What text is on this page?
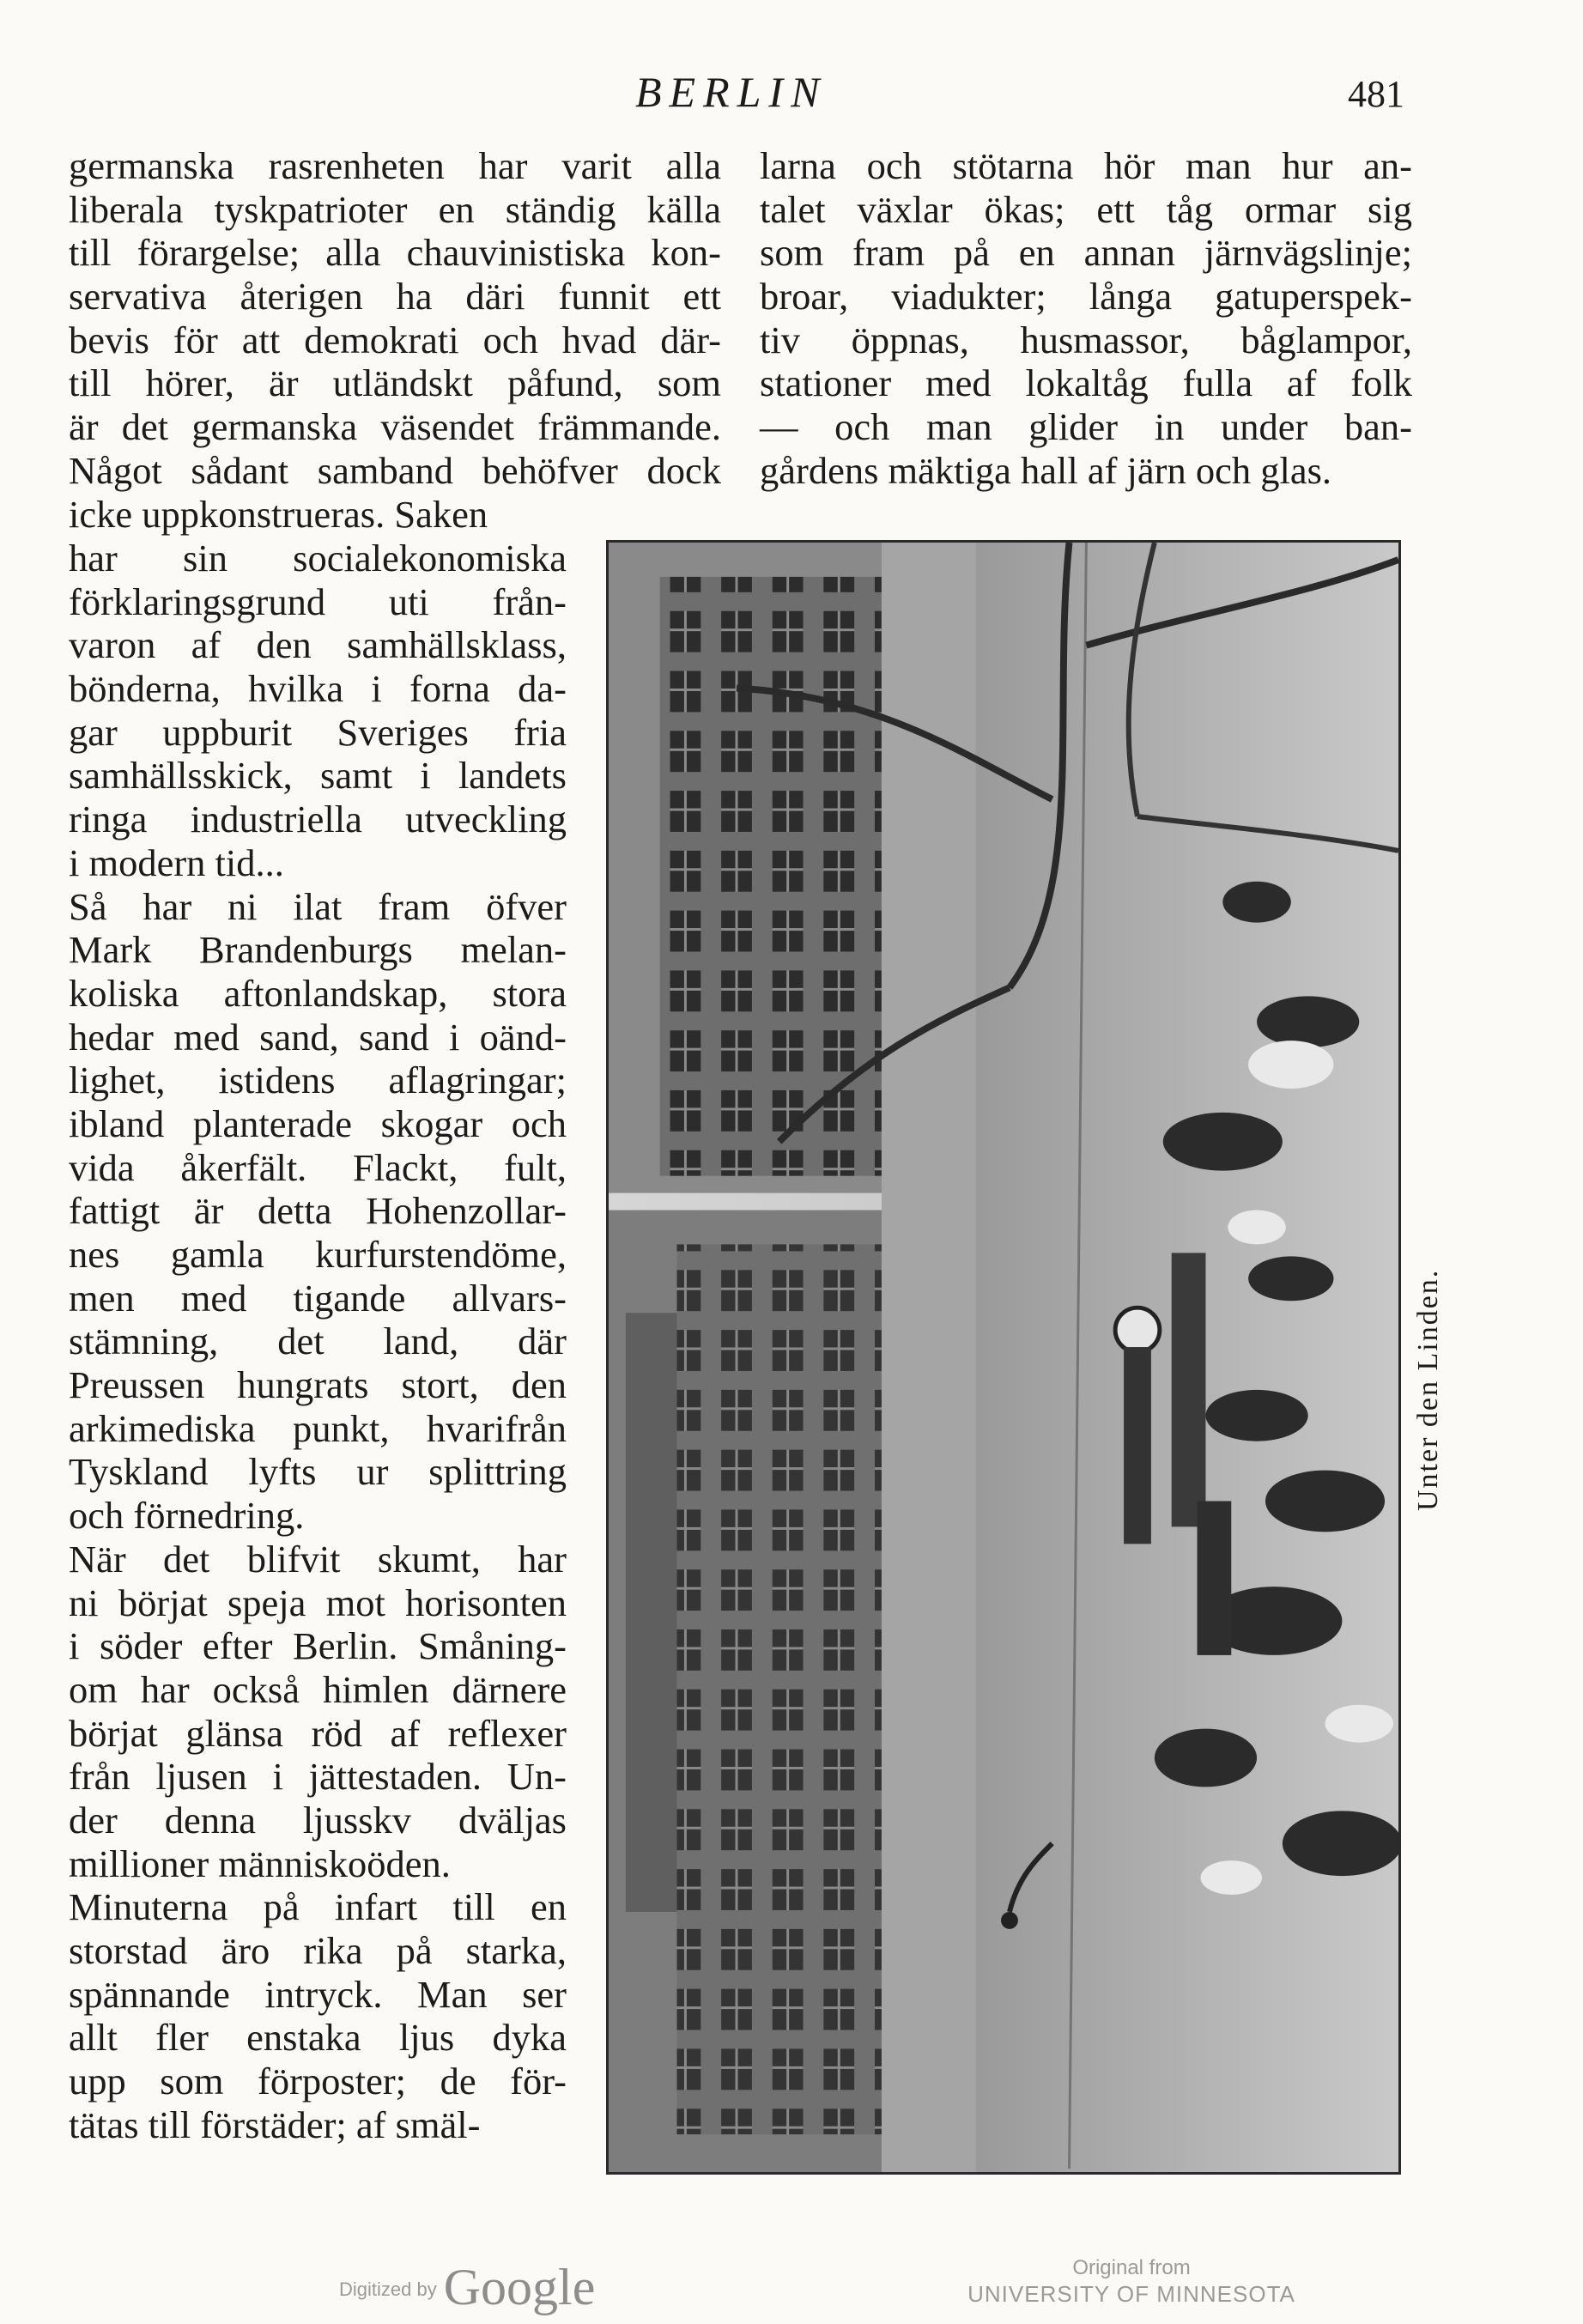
BERLIN	481
germanska rasrenheten har varit alla
liberala tyskpatrioter en ständig källa
till förargelse; alla chauvinistiska kon-
servativa återigen ha däri funnit ett
bevis för att demokrati och hvad där-
till hörer, är utländskt påfund, som
är det germanska väsendet främmande.
Något sådant samband behöfver dock
icke uppkonstrueras. Saken
har sin socialekonomiska
förklaringsgrund uti från-
varon af den samhällsklass,
bönderna, hvilka i forna da-
gar uppburit Sveriges fria
samhällsskick, samt i landets
ringa industriella utveckling
i modern tid...
Så har ni ilat fram öfver
Mark Brandenburgs melan-
koliska aftonlandskap, stora
hedar med sand, sand i oänd-
lighet, istidens aflagringar;
ibland planterade skogar och
vida åkerfält. Flackt, fult,
fattigt är detta Hohenzollar-
nes gamla kurfurstendöme,
men med tigande allvars-
stämning, det land, där
Preussen hungrats stort, den
arkimediska punkt, hvarifrån
Tyskland lyfts ur splittring
och förnedring.
När det blifvit skumt, har
ni börjat speja mot horisonten
i söder efter Berlin. Småning-
om har också himlen därnere
börjat glänsa röd af reflexer
från ljusen i jättestaden. Un-
der denna ljusskv dväljas
millioner människoöden.
Minuterna på infart till en
storstad äro rika på starka,
spännande intryck. Man ser
allt fler enstaka ljus dyka
upp som förposter; de för-
tätas till förstäder; af smäl-
larna och stötarna hör man hur an-
talet växlar ökas; ett tåg ormar sig
som fram på en annan järnvägslinje;
broar, viadukter; långa gatuperspek-
tiv öppnas, husmassor, båglampor,
stationer med lokaltåg fulla af folk
— och man glider in under ban-
gårdens mäktiga hall af järn och glas.
Unter den Linden.
Digitized by Google	Original from
UNIVERSITY OF MINNESOTA
